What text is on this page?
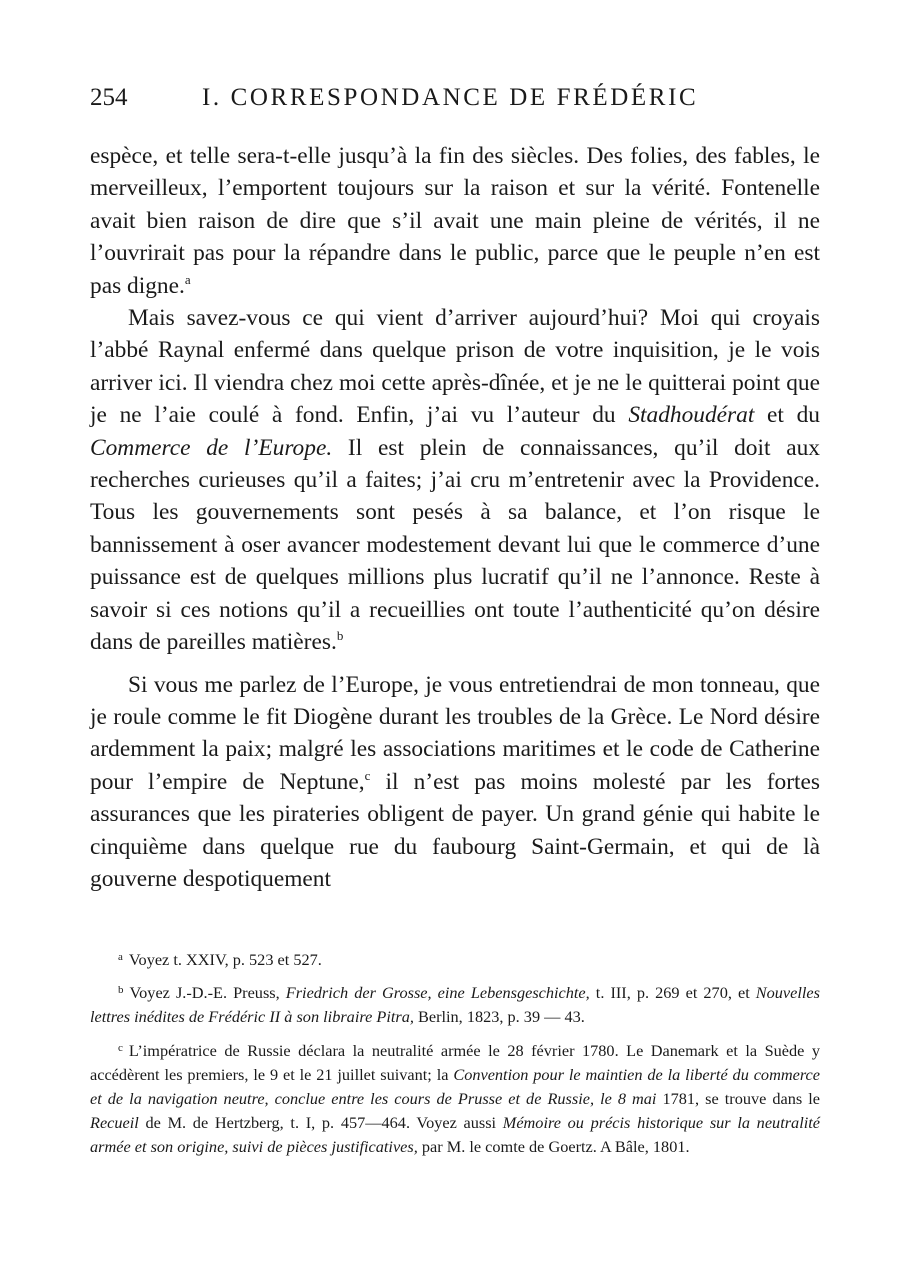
254	I. CORRESPONDANCE DE FRÉDÉRIC

espèce, et telle sera-t-elle jusqu’à la fin des siècles. Des folies, des fables, le merveilleux, l’emportent toujours sur la raison et sur la vérité. Fontenelle avait bien raison de dire que s’il avait une main pleine de vérités, il ne l’ouvrirait pas pour la répandre dans le public, parce que le peuple n’en est pas digne.$^a$

Mais savez-vous ce qui vient d’arriver aujourd’hui? Moi qui croyais l’abbé Raynal enfermé dans quelque prison de votre inquisition, je le vois arriver ici. Il viendra chez moi cette après-dînée, et je ne le quitterai point que je ne l’aie coulé à fond. Enfin, j’ai vu l’auteur du Stadhoudérat et du Commerce de l’Europe. Il est plein de connaissances, qu’il doit aux recherches curieuses qu’il a faites; j’ai cru m’entretenir avec la Providence. Tous les gouvernements sont pesés à sa balance, et l’on risque le bannissement à oser avancer modestement devant lui que le commerce d’une puissance est de quelques millions plus lucratif qu’il ne l’annonce. Reste à savoir si ces notions qu’il a recueillies ont toute l’authenticité qu’on désire dans de pareilles matières.$^b$

Si vous me parlez de l’Europe, je vous entretiendrai de mon tonneau, que je roule comme le fit Diogène durant les troubles de la Grèce. Le Nord désire ardemment la paix; malgré les associations maritimes et le code de Catherine pour l’empire de Neptune,$^c$ il n’est pas moins molesté par les fortes assurances que les pirateries obligent de payer. Un grand génie qui habite le cinquième dans quelque rue du faubourg Saint-Germain, et qui de là gouverne despotiquement

$^a$ Voyez t. XXIV, p. 523 et 527.

$^b$ Voyez J.-D.-E. Preuss, Friedrich der Grosse, eine Lebensgeschichte, t. III, p. 269 et 270, et Nouvelles lettres inédites de Frédéric II à son libraire Pitra, Berlin, 1823, p. 39 — 43.

$^c$ L’impératrice de Russie déclara la neutralité armée le 28 février 1780. Le Danemark et la Suède y accédèrent les premiers, le 9 et le 21 juillet suivant; la Convention pour le maintien de la liberté du commerce et de la navigation neutre, conclue entre les cours de Prusse et de Russie, le 8 mai 1781, se trouve dans le Recueil de M. de Hertzberg, t. I, p. 457—464. Voyez aussi Mémoire ou précis historique sur la neutralité armée et son origine, suivi de pièces justificatives, par M. le comte de Goertz. A Bâle, 1801.
